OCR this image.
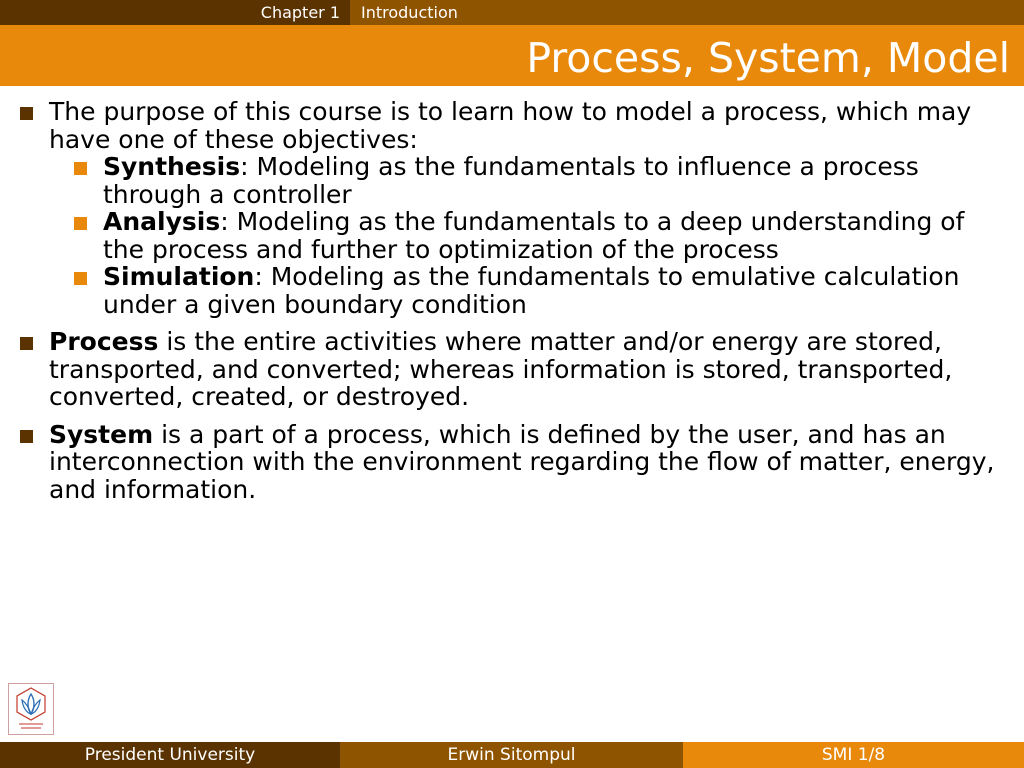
Chapter 1 Introduction
Process, System, Model
The purpose of this course is to learn how to model a process, which may have one of these objectives:
Synthesis: Modeling as the fundamentals to influence a process through a controller
Analysis: Modeling as the fundamentals to a deep understanding of the process and further to optimization of the process
Simulation: Modeling as the fundamentals to emulative calculation under a given boundary condition
Process is the entire activities where matter and/or energy are stored, transported, and converted; whereas information is stored, transported, converted, created, or destroyed.
System is a part of a process, which is defined by the user, and has an interconnection with the environment regarding the flow of matter, energy, and information.
President University	Erwin Sitompul	SMI 1/8
